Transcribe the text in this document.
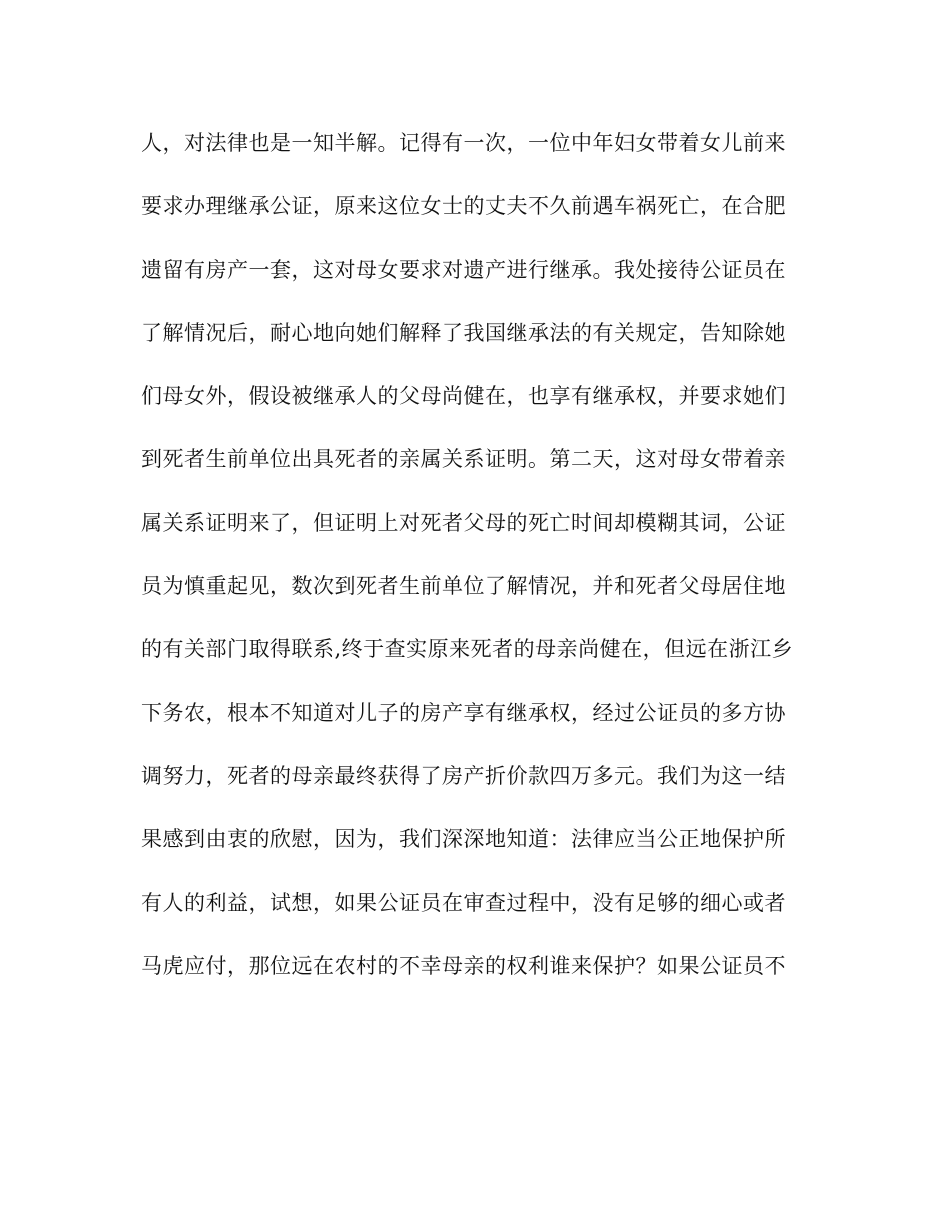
人，对法律也是一知半解。记得有一次，一位中年妇女带着女儿前来
要求办理继承公证，原来这位女士的丈夫不久前遇车祸死亡，在合肥
遗留有房产一套，这对母女要求对遗产进行继承。我处接待公证员在
了解情况后，耐心地向她们解释了我国继承法的有关规定，告知除她
们母女外，假设被继承人的父母尚健在，也享有继承权，并要求她们
到死者生前单位出具死者的亲属关系证明。第二天，这对母女带着亲
属关系证明来了，但证明上对死者父母的死亡时间却模糊其词，公证
员为慎重起见，数次到死者生前单位了解情况，并和死者父母居住地
的有关部门取得联系,终于查实原来死者的母亲尚健在，但远在浙江乡
下务农，根本不知道对儿子的房产享有继承权，经过公证员的多方协
调努力，死者的母亲最终获得了房产折价款四万多元。我们为这一结
果感到由衷的欣慰，因为，我们深深地知道：法律应当公正地保护所
有人的利益，试想，如果公证员在审查过程中，没有足够的细心或者
马虎应付，那位远在农村的不幸母亲的权利谁来保护？如果公证员不
